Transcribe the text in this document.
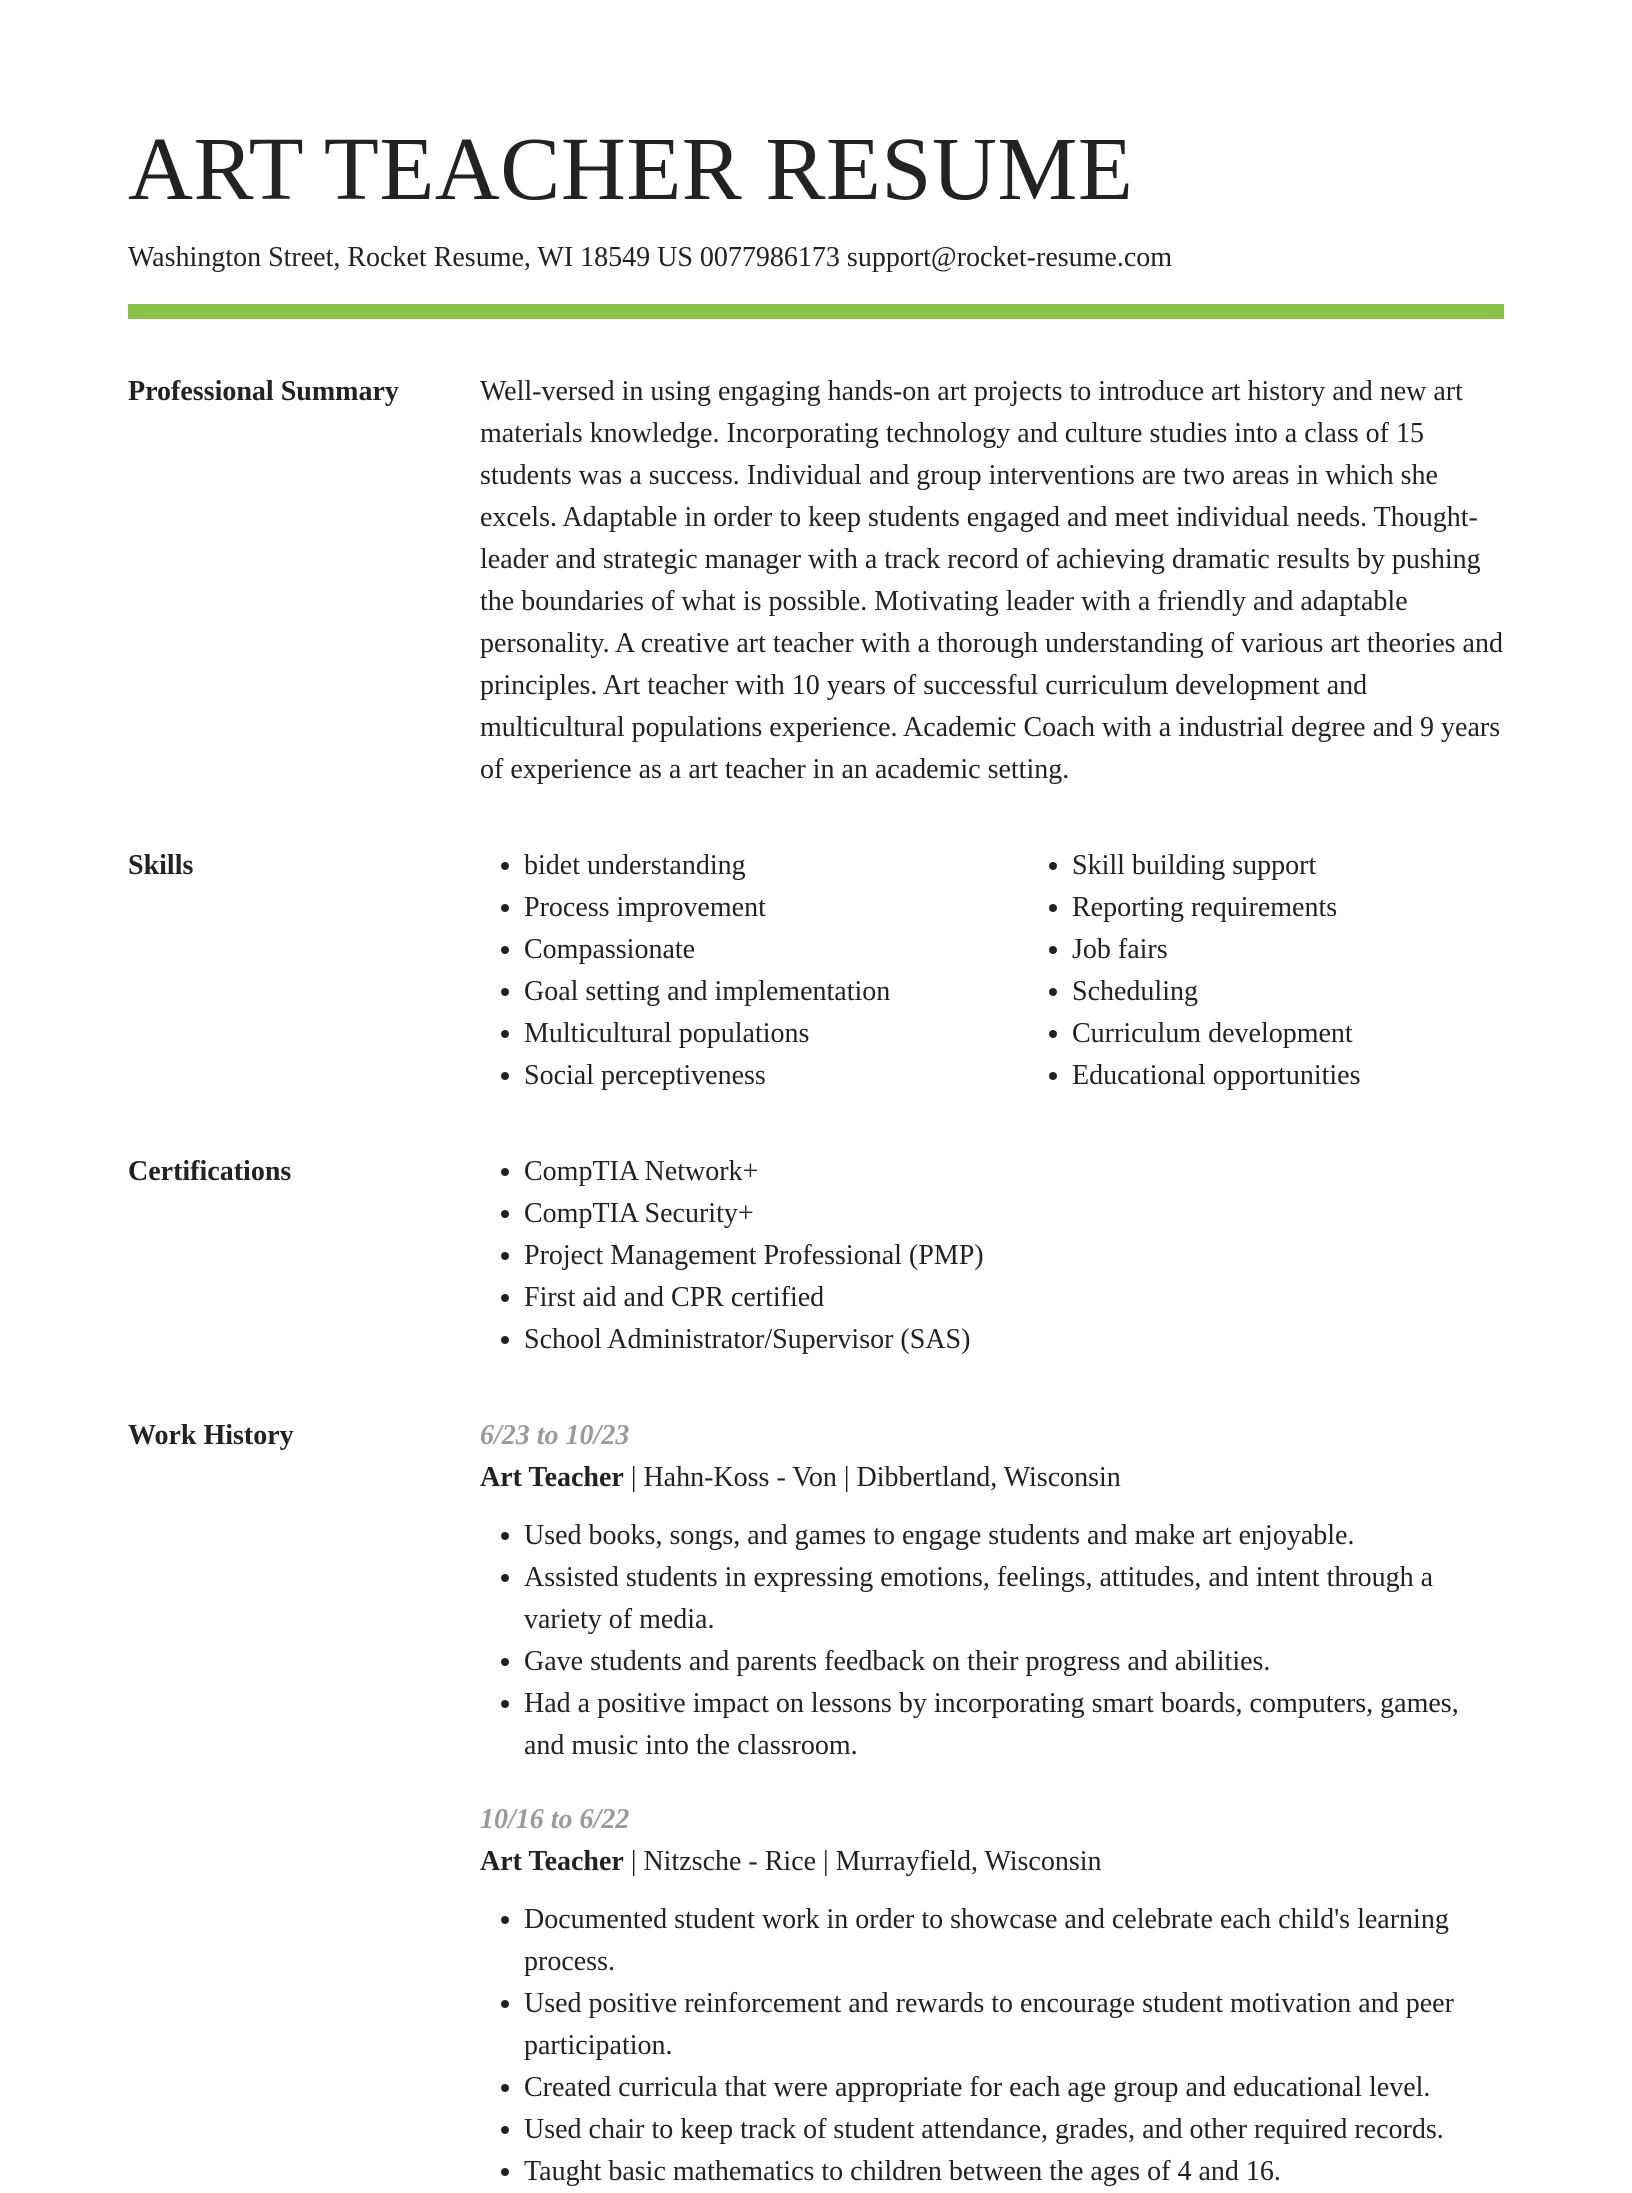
ART TEACHER RESUME
Washington Street, Rocket Resume, WI 18549 US 0077986173 support@rocket-resume.com
Professional Summary	Well-versed in using engaging hands-on art projects to introduce art history and new art materials knowledge. Incorporating technology and culture studies into a class of 15 students was a success. Individual and group interventions are two areas in which she excels. Adaptable in order to keep students engaged and meet individual needs. Thought-leader and strategic manager with a track record of achieving dramatic results by pushing the boundaries of what is possible. Motivating leader with a friendly and adaptable personality. A creative art teacher with a thorough understanding of various art theories and principles. Art teacher with 10 years of successful curriculum development and multicultural populations experience. Academic Coach with a industrial degree and 9 years of experience as a art teacher in an academic setting.

Skills	• bidet understanding
• Process improvement
• Compassionate
• Goal setting and implementation
• Multicultural populations
• Social perceptiveness
• Skill building support
• Reporting requirements
• Job fairs
• Scheduling
• Curriculum development
• Educational opportunities
Certifications	• CompTIA Network+
• CompTIA Security+
• Project Management Professional (PMP)
• First aid and CPR certified
• School Administrator/Supervisor (SAS)
Work History	6/23 to 10/23
Art Teacher | Hahn-Koss - Von | Dibbertland, Wisconsin
• Used books, songs, and games to engage students and make art enjoyable.
• Assisted students in expressing emotions, feelings, attitudes, and intent through a variety of media.
• Gave students and parents feedback on their progress and abilities.
• Had a positive impact on lessons by incorporating smart boards, computers, games, and music into the classroom.
10/16 to 6/22
Art Teacher | Nitzsche - Rice | Murrayfield, Wisconsin
• Documented student work in order to showcase and celebrate each child's learning process.
• Used positive reinforcement and rewards to encourage student motivation and peer participation.
• Created curricula that were appropriate for each age group and educational level.
• Used chair to keep track of student attendance, grades, and other required records.
• Taught basic mathematics to children between the ages of 4 and 16.
